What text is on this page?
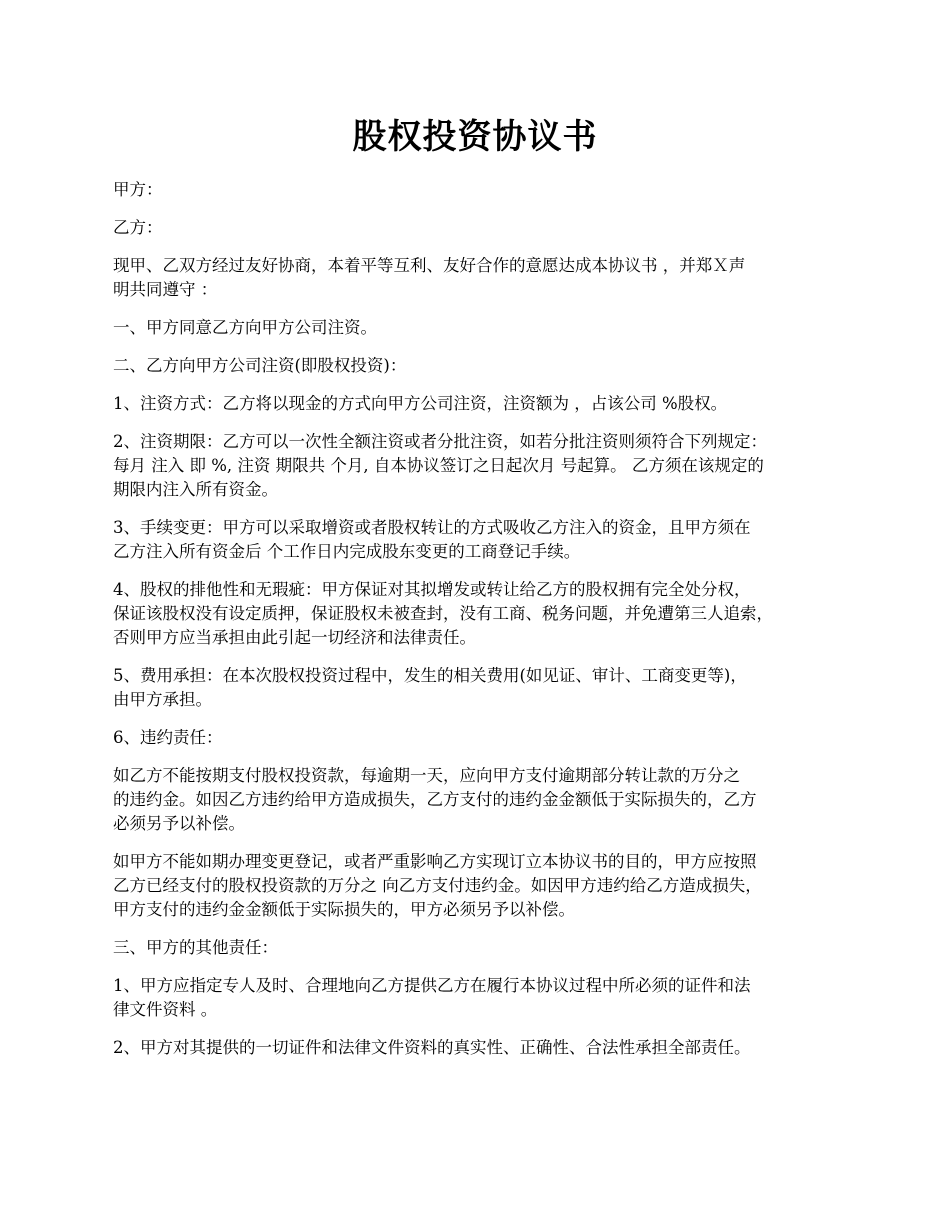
股权投资协议书

甲方：

乙方：

现甲、乙双方经过友好协商，本着平等互利、友好合作的意愿达成本协议书 ，并郑Ｘ声
明共同遵守 ：

一、甲方同意乙方向甲方公司注资。

二、乙方向甲方公司注资(即股权投资)：

1、注资方式：乙方将以现金的方式向甲方公司注资，注资额为 ，占该公司 %股权。

2、注资期限：乙方可以一次性全额注资或者分批注资，如若分批注资则须符合下列规定：
每月 注入 即 %, 注资 期限共 个月, 自本协议签订之日起次月 号起算。 乙方须在该规定的
期限内注入所有资金。

3、手续变更：甲方可以采取增资或者股权转让的方式吸收乙方注入的资金，且甲方须在
乙方注入所有资金后 个工作日内完成股东变更的工商登记手续。

4、股权的排他性和无瑕疵：甲方保证对其拟增发或转让给乙方的股权拥有完全处分权，
保证该股权没有设定质押，保证股权未被查封，没有工商、税务问题，并免遭第三人追索，
否则甲方应当承担由此引起一切经济和法律责任。

5、费用承担：在本次股权投资过程中，发生的相关费用(如见证、审计、工商变更等)，
由甲方承担。

6、违约责任：

如乙方不能按期支付股权投资款，每逾期一天，应向甲方支付逾期部分转让款的万分之
的违约金。如因乙方违约给甲方造成损失，乙方支付的违约金金额低于实际损失的，乙方
必须另予以补偿。

如甲方不能如期办理变更登记，或者严重影响乙方实现订立本协议书的目的，甲方应按照
乙方已经支付的股权投资款的万分之 向乙方支付违约金。如因甲方违约给乙方造成损失，
甲方支付的违约金金额低于实际损失的，甲方必须另予以补偿。

三、甲方的其他责任：

1、甲方应指定专人及时、合理地向乙方提供乙方在履行本协议过程中所必须的证件和法
律文件资料 。

2、甲方对其提供的一切证件和法律文件资料的真实性、正确性、合法性承担全部责任。
